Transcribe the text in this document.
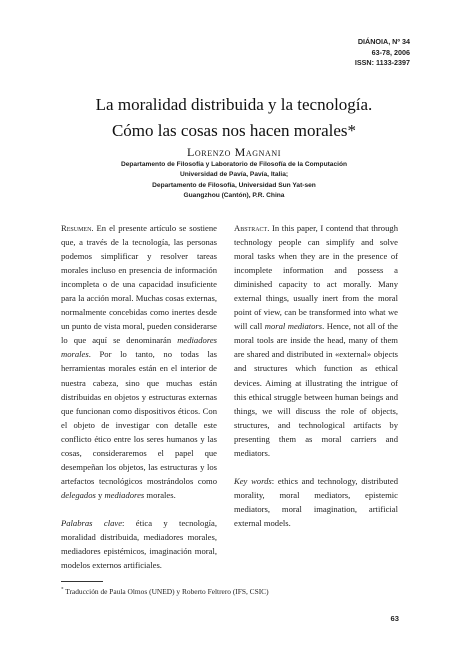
DIÁNOIA, Nº 34
63-78, 2006
ISSN: 1133-2397
La moralidad distribuida y la tecnología.
Cómo las cosas nos hacen morales*
Lorenzo Magnani
Departamento de Filosofía y Laboratorio de Filosofía de la Computación
Universidad de Pavía, Pavía, Italia;
Departamento de Filosofía, Universidad Sun Yat-sen
Guangzhou (Cantón), P.R. China

Resumen. En el presente artículo se sostiene que, a través de la tecnología, las personas podemos simplificar y resolver tareas morales incluso en presencia de información incompleta o de una capacidad insuficiente para la acción moral. Muchas cosas externas, normalmente concebidas como inertes desde un punto de vista moral, pueden considerarse lo que aquí se denominarán mediadores morales. Por lo tanto, no todas las herramientas morales están en el interior de nuestra cabeza, sino que muchas están distribuidas en objetos y estructuras externas que funcionan como dispositivos éticos. Con el objeto de investigar con detalle este conflicto ético entre los seres humanos y las cosas, consideraremos el papel que desempeñan los objetos, las estructuras y los artefactos tecnológicos mostrándolos como delegados y mediadores morales.

Palabras clave: ética y tecnología, moralidad distribuida, mediadores morales, mediadores epistémicos, imaginación moral, modelos externos artificiales.

Abstract. In this paper, I contend that through technology people can simplify and solve moral tasks when they are in the presence of incomplete information and possess a diminished capacity to act morally. Many external things, usually inert from the moral point of view, can be transformed into what we will call moral mediators. Hence, not all of the moral tools are inside the head, many of them are shared and distributed in «external» objects and structures which function as ethical devices. Aiming at illustrating the intrigue of this ethical struggle between human beings and things, we will discuss the role of objects, structures, and technological artifacts by presenting them as moral carriers and mediators.

Key words: ethics and technology, distributed morality, moral mediators, epistemic mediators, moral imagination, artificial external models.

* Traducción de Paula Olmos (UNED) y Roberto Feltrero (IFS, CSIC)
63
